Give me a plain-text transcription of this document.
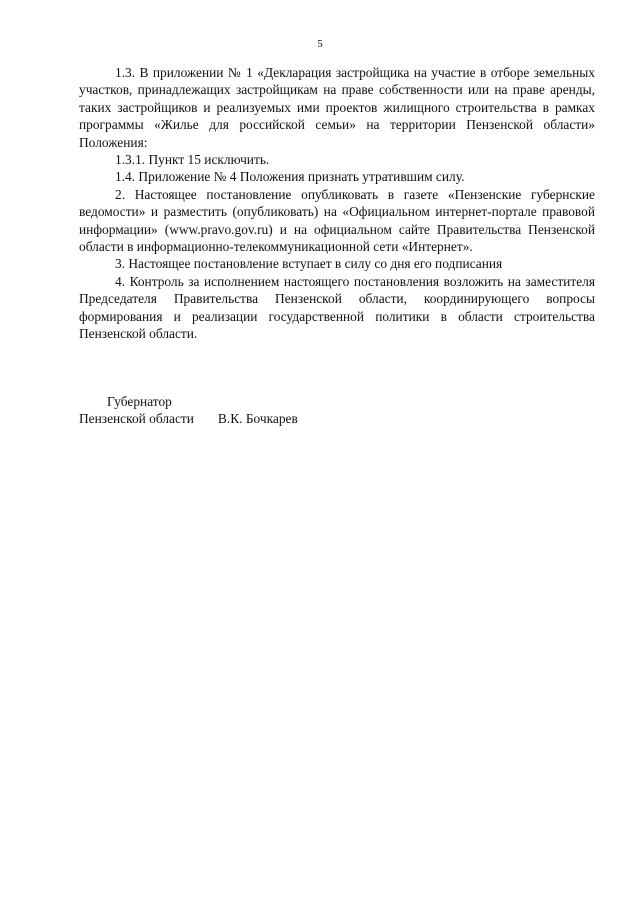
5

1.3. В приложении № 1 «Декларация застройщика на участие в отборе земельных участков, принадлежащих застройщикам на праве собственности или на праве аренды, таких застройщиков и реализуемых ими проектов жилищного строительства в рамках программы «Жилье для российской семьи» на территории Пензенской области» Положения:

1.3.1. Пункт 15 исключить.

1.4. Приложение № 4 Положения признать утратившим силу.

2. Настоящее постановление опубликовать в газете «Пензенские губернские ведомости» и разместить (опубликовать) на «Официальном интернет-портале правовой информации» (www.pravo.gov.ru) и на официальном сайте Правительства Пензенской области в информационно-телекоммуникационной сети «Интернет».

3. Настоящее постановление вступает в силу со дня его подписания

4. Контроль за исполнением настоящего постановления возложить на заместителя Председателя Правительства Пензенской области, координирующего вопросы формирования и реализации государственной политики в области строительства Пензенской области.

Губернатор

Пензенской области В.К. Бочкарев
